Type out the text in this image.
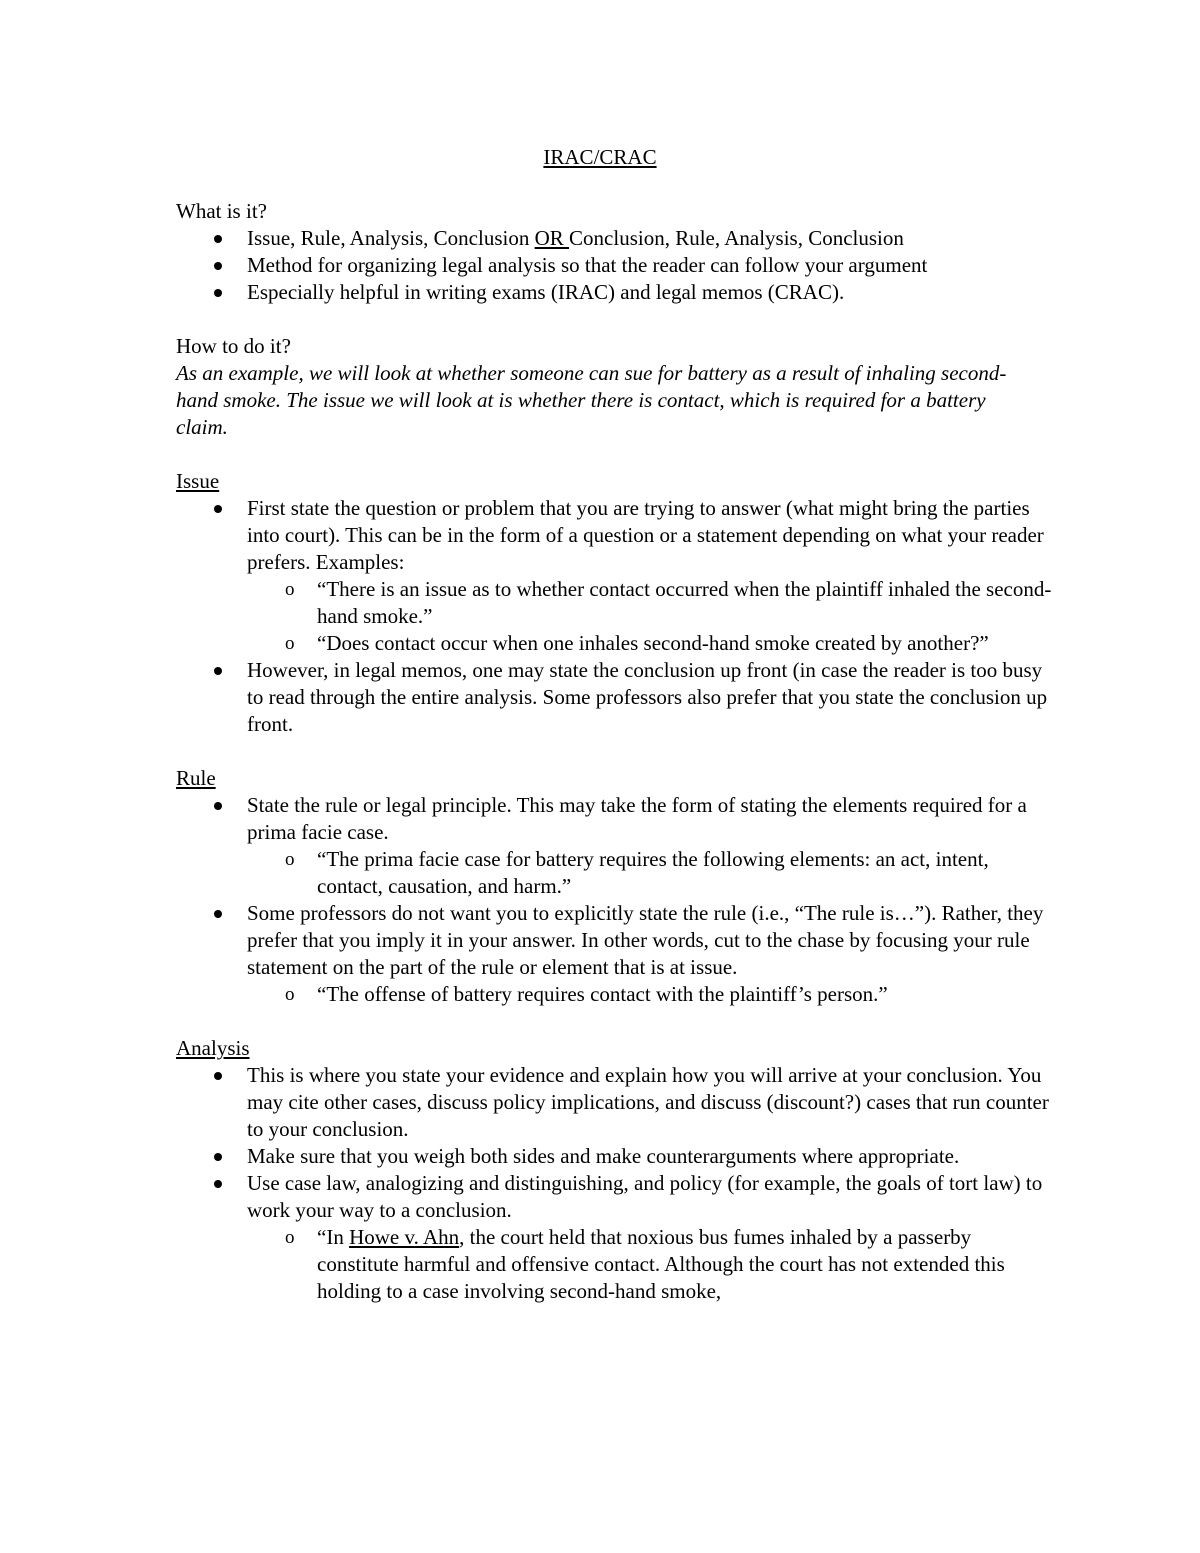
IRAC/CRAC

What is it?

Issue, Rule, Analysis, Conclusion OR Conclusion, Rule, Analysis, Conclusion
Method for organizing legal analysis so that the reader can follow your argument
Especially helpful in writing exams (IRAC) and legal memos (CRAC).

How to do it?

As an example, we will look at whether someone can sue for battery as a result of inhaling second-hand smoke. The issue we will look at is whether there is contact, which is required for a battery claim.

Issue

First state the question or problem that you are trying to answer (what might bring the parties into court). This can be in the form of a question or a statement depending on what your reader prefers. Examples:
o “There is an issue as to whether contact occurred when the plaintiff inhaled the second-hand smoke.”
o “Does contact occur when one inhales second-hand smoke created by another?”
However, in legal memos, one may state the conclusion up front (in case the reader is too busy to read through the entire analysis. Some professors also prefer that you state the conclusion up front.

Rule

State the rule or legal principle. This may take the form of stating the elements required for a prima facie case.
o “The prima facie case for battery requires the following elements: an act, intent, contact, causation, and harm.”
Some professors do not want you to explicitly state the rule (i.e., “The rule is…”). Rather, they prefer that you imply it in your answer. In other words, cut to the chase by focusing your rule statement on the part of the rule or element that is at issue.
o “The offense of battery requires contact with the plaintiff’s person.”

Analysis

This is where you state your evidence and explain how you will arrive at your conclusion. You may cite other cases, discuss policy implications, and discuss (discount?) cases that run counter to your conclusion.
Make sure that you weigh both sides and make counterarguments where appropriate.
Use case law, analogizing and distinguishing, and policy (for example, the goals of tort law) to work your way to a conclusion.
o “In Howe v. Ahn, the court held that noxious bus fumes inhaled by a passerby constitute harmful and offensive contact. Although the court has not extended this holding to a case involving second-hand smoke,
